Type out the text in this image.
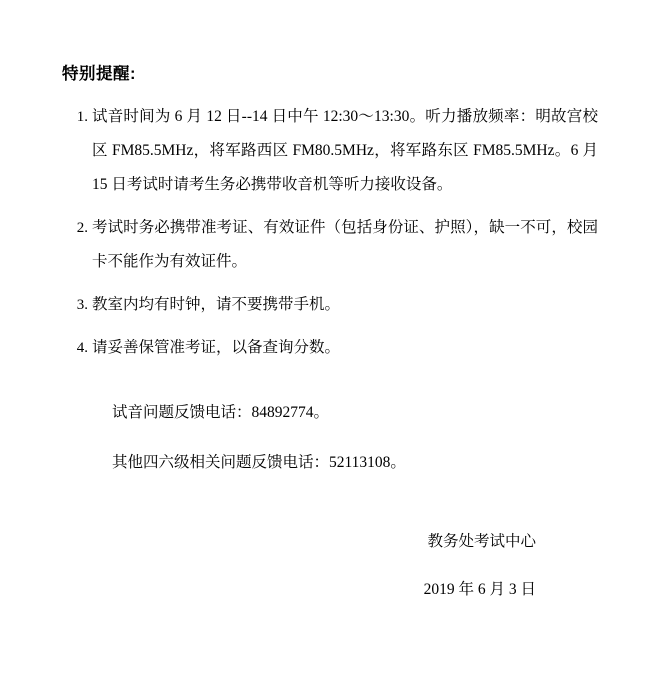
特别提醒:
1. 试音时间为 6 月 12 日--14 日中午 12:30～13:30。听力播放频率：明故宫校区 FM85.5MHz，将军路西区 FM80.5MHz，将军路东区 FM85.5MHz。6 月 15 日考试时请考生务必携带收音机等听力接收设备。
2. 考试时务必携带准考证、有效证件（包括身份证、护照），缺一不可，校园卡不能作为有效证件。
3. 教室内均有时钟，请不要携带手机。
4. 请妥善保管准考证，以备查询分数。

试音问题反馈电话：84892774。

其他四六级相关问题反馈电话：52113108。

教务处考试中心

2019 年 6 月 3 日
